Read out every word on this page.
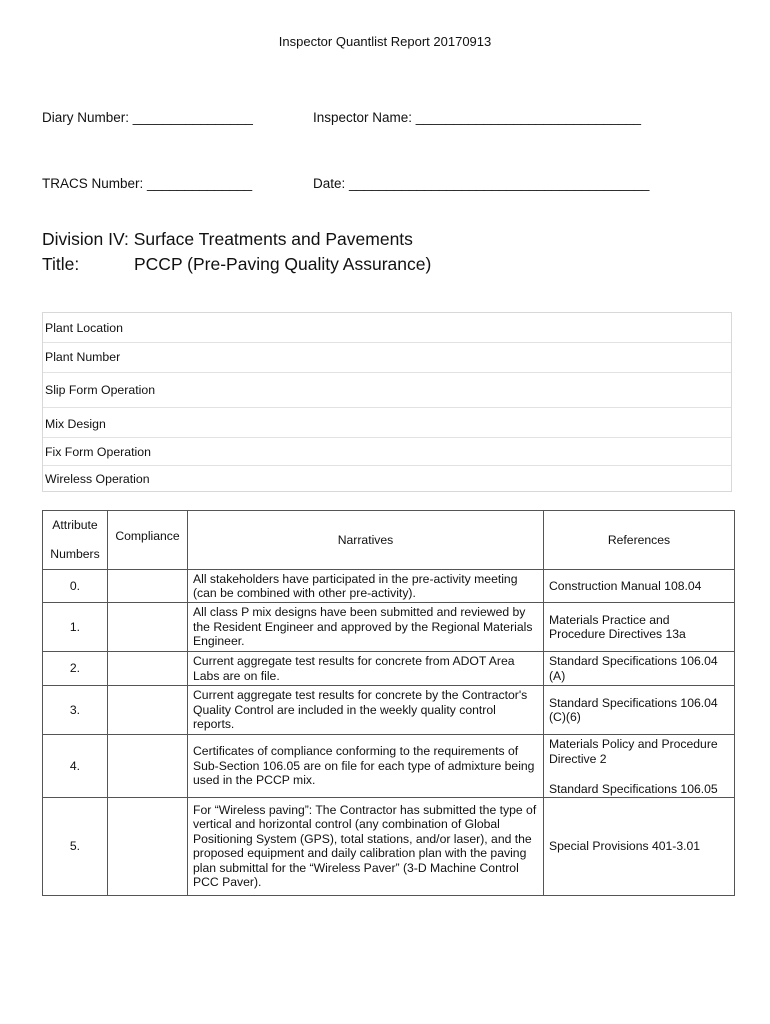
Inspector Quantlist Report 20170913
Diary Number: ________________	Inspector Name: ______________________________
TRACS Number: ______________	Date: ________________________________________
Division IV: Surface Treatments and Pavements
Title:	PCCP (Pre-Paving Quality Assurance)
Plant Location
Plant Number
Slip Form Operation
Mix Design
Fix Form Operation
Wireless Operation
Attribute
Numbers	Compliance	Narratives	References
0.		All stakeholders have participated in the pre-activity meeting (can be combined with other pre-activity).	Construction Manual 108.04
1.		All class P mix designs have been submitted and reviewed by the Resident Engineer and approved by the Regional Materials Engineer.	Materials Practice and Procedure Directives 13a
2.		Current aggregate test results for concrete from ADOT Area Labs are on file.	Standard Specifications 106.04 (A)
3.		Current aggregate test results for concrete by the Contractor's Quality Control are included in the weekly quality control reports.	Standard Specifications 106.04 (C)(6)
4.		Certificates of compliance conforming to the requirements of Sub-Section 106.05 are on file for each type of admixture being used in the PCCP mix.	Materials Policy and Procedure Directive 2
Standard Specifications 106.05

5.		For “Wireless paving”: The Contractor has submitted the type of vertical and horizontal control (any combination of Global Positioning System (GPS), total stations, and/or laser), and the proposed equipment and daily calibration plan with the paving plan submittal for the “Wireless Paver” (3-D Machine Control PCC Paver).	Special Provisions 401-3.01
